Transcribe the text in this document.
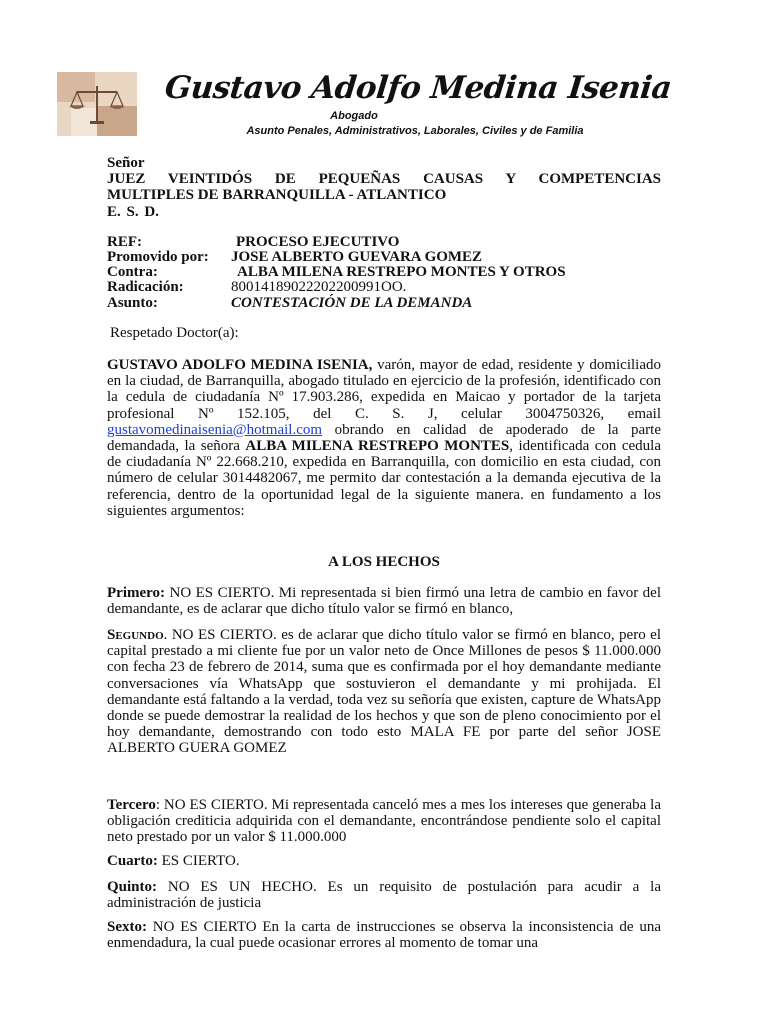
Gustavo Adolfo Medina Isenia
Abogado
Asunto Penales, Administrativos, Laborales, Civiles y de Familia
Señor
JUEZ VEINTIDÓS DE PEQUEÑAS CAUSAS Y COMPETENCIAS
MULTIPLES DE BARRANQUILLA - ATLANTICO
E. S. D.
REF:	PROCESO EJECUTIVO
Promovido por: JOSE ALBERTO GUEVARA GOMEZ
Contra:	ALBA MILENA RESTREPO MONTES Y OTROS
Radicación:	80014189022202200991OO.
Asunto:	CONTESTACIÓN DE LA DEMANDA
Respetado Doctor(a):

GUSTAVO ADOLFO MEDINA ISENIA, varón, mayor de edad, residente y domiciliado en la ciudad, de Barranquilla, abogado titulado en ejercicio de la profesión, identificado con la cedula de ciudadanía Nº 17.903.286, expedida en Maicao y portador de la tarjeta profesional Nº 152.105, del C. S. J, celular 3004750326, email gustavomedinaisenia@hotmail.com obrando en calidad de apoderado de la parte demandada, la señora ALBA MILENA RESTREPO MONTES, identificada con cedula de ciudadanía Nº 22.668.210, expedida en Barranquilla, con domicilio en esta ciudad, con número de celular 3014482067, me permito dar contestación a la demanda ejecutiva de la referencia, dentro de la oportunidad legal de la siguiente manera. en fundamento a los siguientes argumentos:

A LOS HECHOS

Primero: NO ES CIERTO. Mi representada si bien firmó una letra de cambio en favor del demandante, es de aclarar que dicho título valor se firmó en blanco,

Segundo. NO ES CIERTO. es de aclarar que dicho título valor se firmó en blanco, pero el capital prestado a mi cliente fue por un valor neto de Once Millones de pesos $ 11.000.000 con fecha 23 de febrero de 2014, suma que es confirmada por el hoy demandante mediante conversaciones vía WhatsApp que sostuvieron el demandante y mi prohijada. El demandante está faltando a la verdad, toda vez su señoría que existen, capture de WhatsApp donde se puede demostrar la realidad de los hechos y que son de pleno conocimiento por el hoy demandante, demostrando con todo esto MALA FE por parte del señor JOSE ALBERTO GUERA GOMEZ

Tercero: NO ES CIERTO. Mi representada canceló mes a mes los intereses que generaba la obligación crediticia adquirida con el demandante, encontrándose pendiente solo el capital neto prestado por un valor $ 11.000.000

Cuarto: ES CIERTO.

Quinto: NO ES UN HECHO. Es un requisito de postulación para acudir a la administración de justicia

Sexto: NO ES CIERTO En la carta de instrucciones se observa la inconsistencia de una enmendadura, la cual puede ocasionar errores al momento de tomar una
